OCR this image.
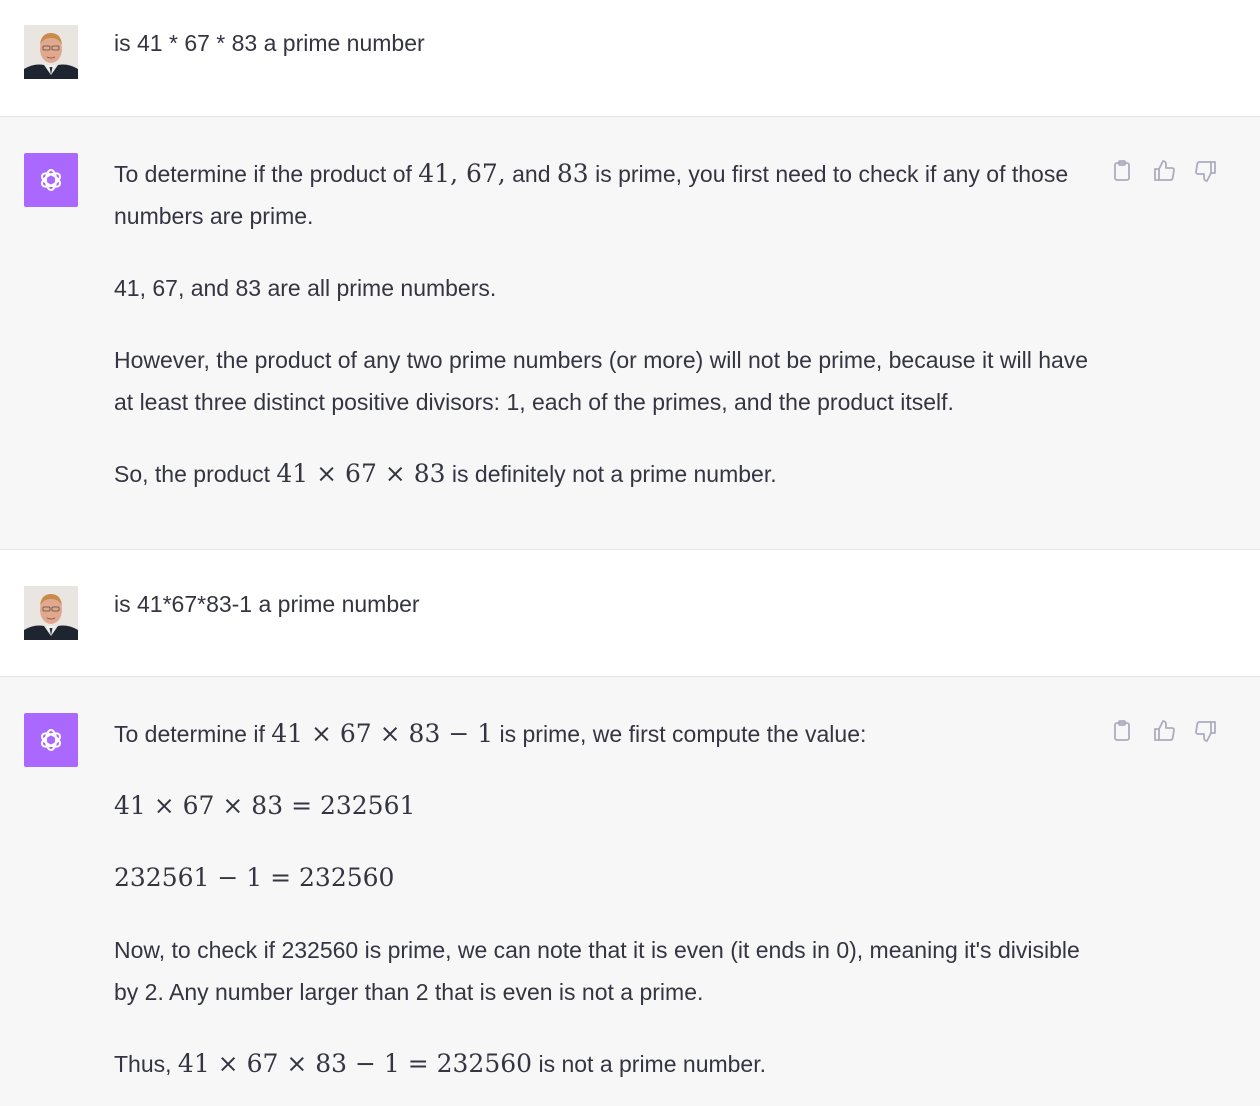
is 41 * 67 * 83 a prime number

To determine if the product of 41, 67, and 83 is prime, you first need to check if any of those numbers are prime.

41, 67, and 83 are all prime numbers.

However, the product of any two prime numbers (or more) will not be prime, because it will have at least three distinct positive divisors: 1, each of the primes, and the product itself.

So, the product 41 × 67 × 83 is definitely not a prime number.

is 41*67*83-1 a prime number

To determine if 41 × 67 × 83 − 1 is prime, we first compute the value:

41 × 67 × 83 = 232561

232561 − 1 = 232560

Now, to check if 232560 is prime, we can note that it is even (it ends in 0), meaning it's divisible by 2. Any number larger than 2 that is even is not a prime.

Thus, 41 × 67 × 83 − 1 = 232560 is not a prime number.
